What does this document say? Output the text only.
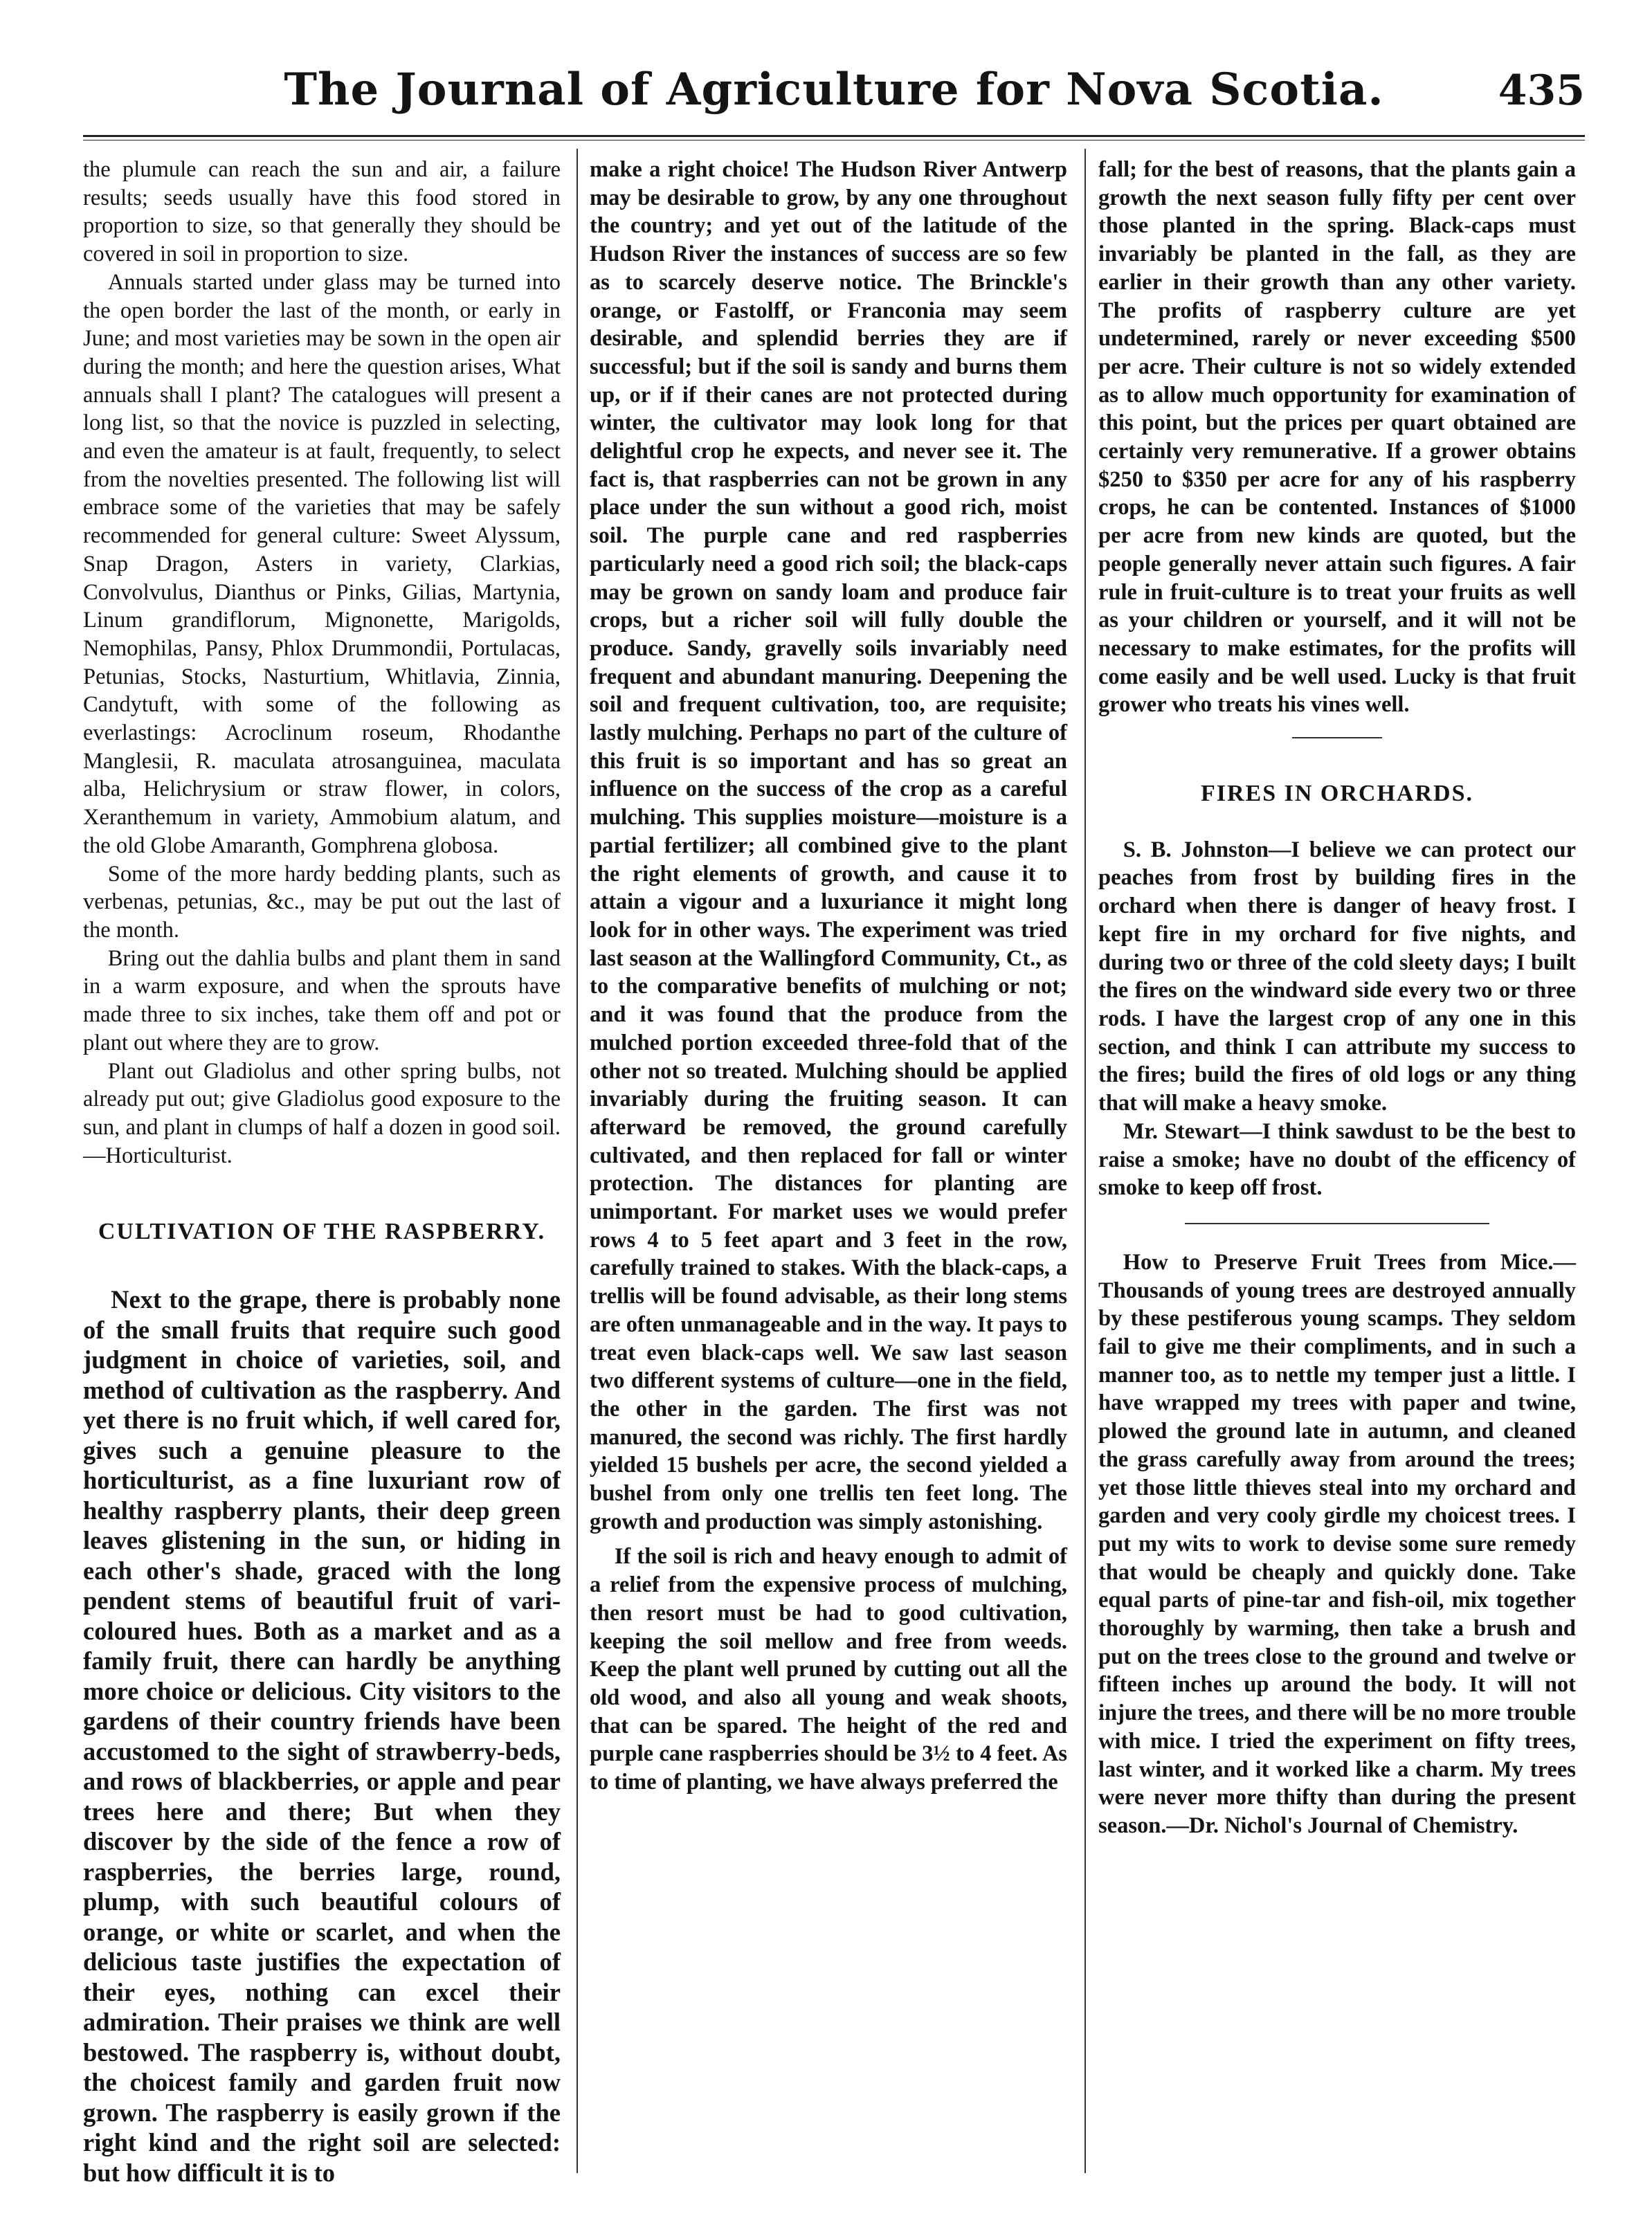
The Journal of Agriculture for Nova Scotia.	435

the plumule can reach the sun and air, a failure results; seeds usually have this food stored in proportion to size, so that generally they should be covered in soil in proportion to size.

Annuals started under glass may be turned into the open border the last of the month, or early in June; and most varieties may be sown in the open air during the month; and here the question arises, What annuals shall I plant? The catalogues will present a long list, so that the novice is puzzled in selecting, and even the amateur is at fault, frequently, to select from the novelties presented. The following list will embrace some of the varieties that may be safely recommended for general culture: Sweet Alyssum, Snap Dragon, Asters in variety, Clarkias, Convolvulus, Dianthus or Pinks, Gilias, Martynia, Linum grandiflorum, Mignonette, Marigolds, Nemophilas, Pansy, Phlox Drummondii, Portulacas, Petunias, Stocks, Nasturtium, Whitlavia, Zinnia, Candytuft, with some of the following as everlastings: Acroclinum roseum, Rhodanthe Manglesii, R. maculata atrosanguinea, maculata alba, Helichrysium or straw flower, in colors, Xeranthemum in variety, Ammobium alatum, and the old Globe Amaranth, Gomphrena globosa.

Some of the more hardy bedding plants, such as verbenas, petunias, &c., may be put out the last of the month.

Bring out the dahlia bulbs and plant them in sand in a warm exposure, and when the sprouts have made three to six inches, take them off and pot or plant out where they are to grow.

Plant out Gladiolus and other spring bulbs, not already put out; give Gladiolus good exposure to the sun, and plant in clumps of half a dozen in good soil.—Horticulturist.

CULTIVATION OF THE RASPBERRY.

Next to the grape, there is probably none of the small fruits that require such good judgment in choice of varieties, soil, and method of cultivation as the raspberry. And yet there is no fruit which, if well cared for, gives such a genuine pleasure to the horticulturist, as a fine luxuriant row of healthy raspberry plants, their deep green leaves glistening in the sun, or hiding in each other's shade, graced with the long pendent stems of beautiful fruit of vari-coloured hues. Both as a market and as a family fruit, there can hardly be anything more choice or delicious. City visitors to the gardens of their country friends have been accustomed to the sight of strawberry-beds, and rows of blackberries, or apple and pear trees here and there; But when they discover by the side of the fence a row of raspberries, the berries large, round, plump, with such beautiful colours of orange, or white or scarlet, and when the delicious taste justifies the expectation of their eyes, nothing can excel their admiration. Their praises we think are well bestowed. The raspberry is, without doubt, the choicest family and garden fruit now grown. The raspberry is easily grown if the right kind and the right soil are selected: but how difficult it is to

make a right choice! The Hudson River Antwerp may be desirable to grow, by any one throughout the country; and yet out of the latitude of the Hudson River the instances of success are so few as to scarcely deserve notice. The Brinckle's orange, or Fastolff, or Franconia may seem desirable, and splendid berries they are if successful; but if the soil is sandy and burns them up, or if if their canes are not protected during winter, the cultivator may look long for that delightful crop he expects, and never see it. The fact is, that raspberries can not be grown in any place under the sun without a good rich, moist soil. The purple cane and red raspberries particularly need a good rich soil; the black-caps may be grown on sandy loam and produce fair crops, but a richer soil will fully double the produce. Sandy, gravelly soils invariably need frequent and abundant manuring. Deepening the soil and frequent cultivation, too, are requisite; lastly mulching. Perhaps no part of the culture of this fruit is so important and has so great an influence on the success of the crop as a careful mulching. This supplies moisture—moisture is a partial fertilizer; all combined give to the plant the right elements of growth, and cause it to attain a vigour and a luxuriance it might long look for in other ways. The experiment was tried last season at the Wallingford Community, Ct., as to the comparative benefits of mulching or not; and it was found that the produce from the mulched portion exceeded three-fold that of the other not so treated. Mulching should be applied invariably during the fruiting season. It can afterward be removed, the ground carefully cultivated, and then replaced for fall or winter protection. The distances for planting are unimportant. For market uses we would prefer rows 4 to 5 feet apart and 3 feet in the row, carefully trained to stakes. With the black-caps, a trellis will be found advisable, as their long stems are often unmanageable and in the way. It pays to treat even black-caps well. We saw last season two different systems of culture—one in the field, the other in the garden. The first was not manured, the second was richly. The first hardly yielded 15 bushels per acre, the second yielded a bushel from only one trellis ten feet long. The growth and production was simply astonishing.

If the soil is rich and heavy enough to admit of a relief from the expensive process of mulching, then resort must be had to good cultivation, keeping the soil mellow and free from weeds. Keep the plant well pruned by cutting out all the old wood, and also all young and weak shoots, that can be spared. The height of the red and purple cane raspberries should be 3½ to 4 feet. As to time of planting, we have always preferred the

fall; for the best of reasons, that the plants gain a growth the next season fully fifty per cent over those planted in the spring. Black-caps must invariably be planted in the fall, as they are earlier in their growth than any other variety. The profits of raspberry culture are yet undetermined, rarely or never exceeding $500 per acre. Their culture is not so widely extended as to allow much opportunity for examination of this point, but the prices per quart obtained are certainly very remunerative. If a grower obtains $250 to $350 per acre for any of his raspberry crops, he can be contented. Instances of $1000 per acre from new kinds are quoted, but the people generally never attain such figures. A fair rule in fruit-culture is to treat your fruits as well as your children or yourself, and it will not be necessary to make estimates, for the profits will come easily and be well used. Lucky is that fruit grower who treats his vines well.

FIRES IN ORCHARDS.

S. B. Johnston—I believe we can protect our peaches from frost by building fires in the orchard when there is danger of heavy frost. I kept fire in my orchard for five nights, and during two or three of the cold sleety days; I built the fires on the windward side every two or three rods. I have the largest crop of any one in this section, and think I can attribute my success to the fires; build the fires of old logs or any thing that will make a heavy smoke.

Mr. Stewart—I think sawdust to be the best to raise a smoke; have no doubt of the efficency of smoke to keep off frost.

How to Preserve Fruit Trees from Mice.—Thousands of young trees are destroyed annually by these pestiferous young scamps. They seldom fail to give me their compliments, and in such a manner too, as to nettle my temper just a little. I have wrapped my trees with paper and twine, plowed the ground late in autumn, and cleaned the grass carefully away from around the trees; yet those little thieves steal into my orchard and garden and very cooly girdle my choicest trees. I put my wits to work to devise some sure remedy that would be cheaply and quickly done. Take equal parts of pine-tar and fish-oil, mix together thoroughly by warming, then take a brush and put on the trees close to the ground and twelve or fifteen inches up around the body. It will not injure the trees, and there will be no more trouble with mice. I tried the experiment on fifty trees, last winter, and it worked like a charm. My trees were never more thifty than during the present season.—Dr. Nichol's Journal of Chemistry.
